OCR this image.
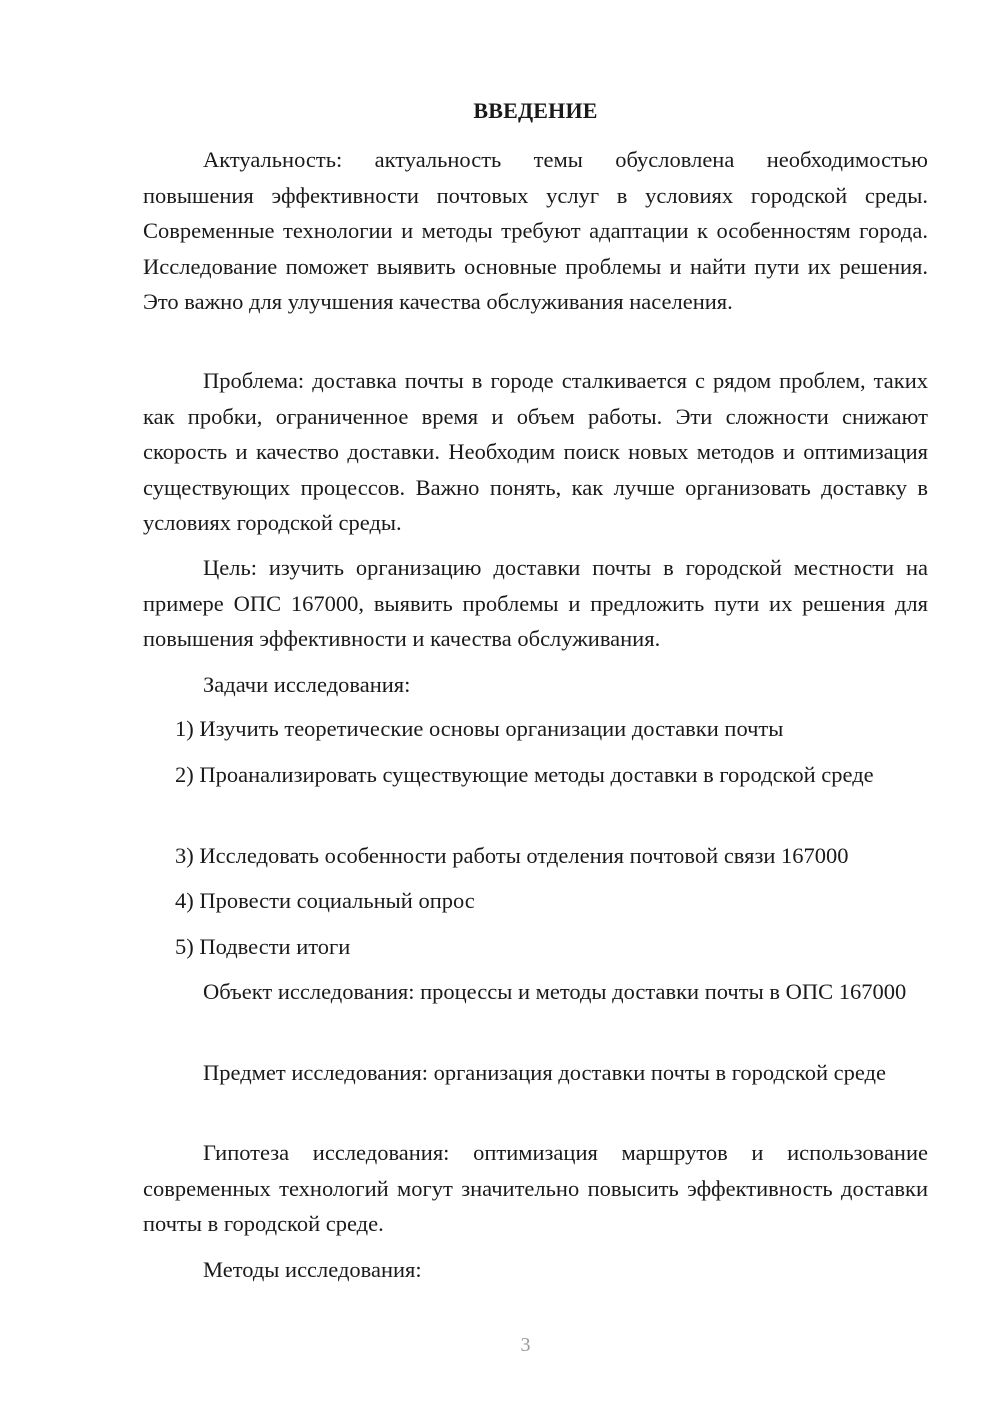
ВВЕДЕНИЕ

Актуальность: актуальность темы обусловлена необходимостью повышения эффективности почтовых услуг в условиях городской среды. Современные технологии и методы требуют адаптации к особенностям города. Исследование поможет выявить основные проблемы и найти пути их решения. Это важно для улучшения качества обслуживания населения.

Проблема: доставка почты в городе сталкивается с рядом проблем, таких как пробки, ограниченное время и объем работы. Эти сложности снижают скорость и качество доставки. Необходим поиск новых методов и оптимизация существующих процессов. Важно понять, как лучше организовать доставку в условиях городской среды.

Цель: изучить организацию доставки почты в городской местности на примере ОПС 167000, выявить проблемы и предложить пути их решения для повышения эффективности и качества обслуживания.

Задачи исследования:

1) Изучить теоретические основы организации доставки почты

2) Проанализировать существующие методы доставки в городской среде

3) Исследовать особенности работы отделения почтовой связи 167000

4) Провести социальный опрос

5) Подвести итоги

Объект исследования: процессы и методы доставки почты в ОПС 167000

Предмет исследования: организация доставки почты в городской среде

Гипотеза исследования: оптимизация маршрутов и использование современных технологий могут значительно повысить эффективность доставки почты в городской среде.

Методы исследования:

3
